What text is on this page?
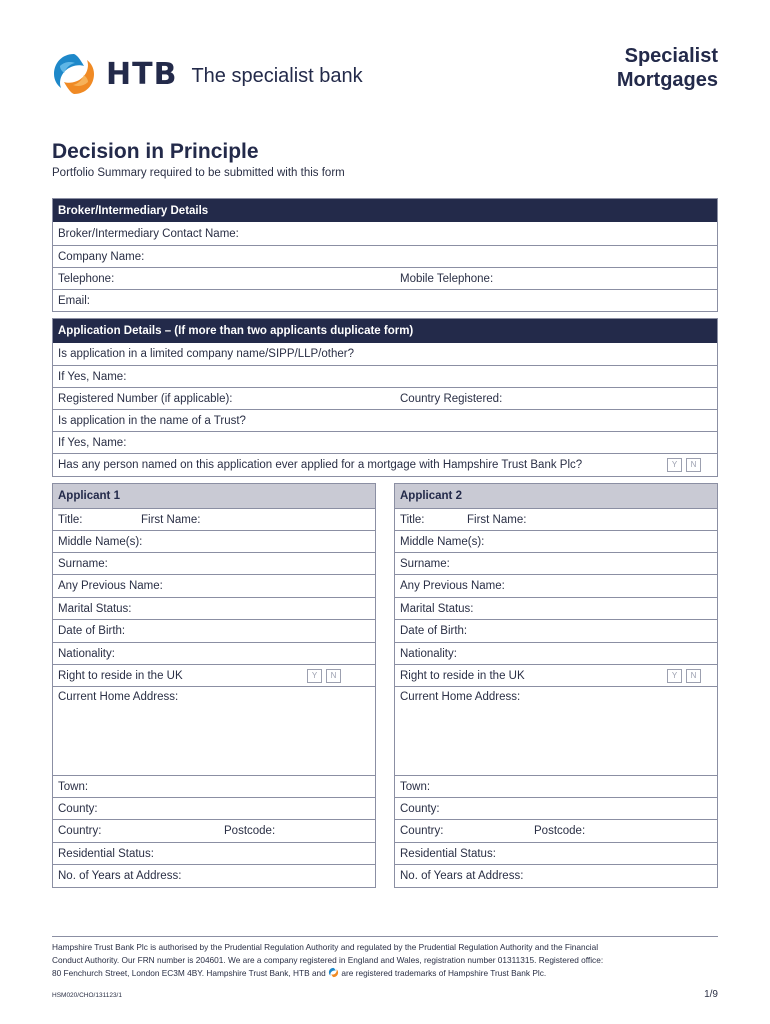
HTB The specialist bank
Specialist
Mortgages
Decision in Principle
Portfolio Summary required to be submitted with this form
Broker/Intermediary Details
Broker/Intermediary Contact Name:
Company Name:
Telephone:	Mobile Telephone:
Email:
Application Details – (If more than two applicants duplicate form)
Is application in a limited company name/SIPP/LLP/other?
If Yes, Name:
Registered Number (if applicable):	Country Registered:
Is application in the name of a Trust?
If Yes, Name:
Has any person named on this application ever applied for a mortgage with Hampshire Trust Bank Plc?	Y	N
Applicant 1
Title:	First Name:
Middle Name(s):
Surname:
Any Previous Name:
Marital Status:
Date of Birth:
Nationality:
Right to reside in the UK	Y	N
Current Home Address:
Town:
County:
Country:	Postcode:
Residential Status:
No. of Years at Address:
Applicant 2
Title:	First Name:
Middle Name(s):
Surname:
Any Previous Name:
Marital Status:
Date of Birth:
Nationality:
Right to reside in the UK	Y	N
Current Home Address:
Town:
County:
Country:	Postcode:
Residential Status:
No. of Years at Address:
Hampshire Trust Bank Plc is authorised by the Prudential Regulation Authority and regulated by the Prudential Regulation Authority and the Financial
Conduct Authority. Our FRN number is 204601. We are a company registered in England and Wales, registration number 01311315. Registered office:
80 Fenchurch Street, London EC3M 4BY. Hampshire Trust Bank, HTB and are registered trademarks of Hampshire Trust Bank Plc.
HSM020/CHO/131123/1	1/9
